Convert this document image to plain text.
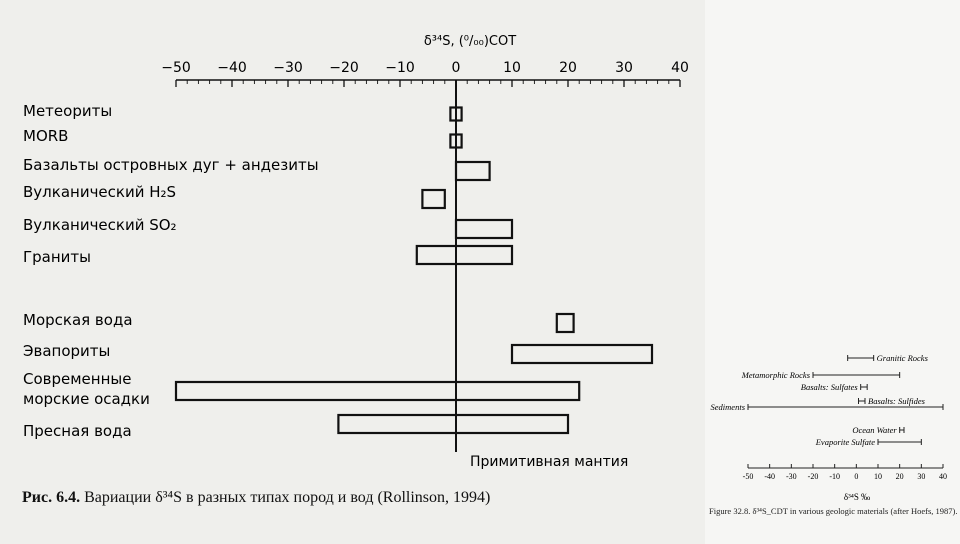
δ³⁴S, (⁰/₀₀)СОТ
−50 −40 −30 −20 −10	0	10	20	30	40
Метеориты
MORB
Базальты островных дуг + андезиты
Вулканический H₂S
Вулканический SO₂
Граниты
Морская вода
Эвапориты
Современные морские осадки
Пресная вода
Примитивная мантия
Рис. 6.4. Вариации δ³⁴S в разных типах пород и вод (Rollinson, 1994)
Granitic Rocks
Metamorphic Rocks
Basalts: Sulfates
Sediments
Basalts: Sulfides
Ocean Water
Evaporite Sulfate
-50 -40 -30 -20 -10 0 10 20 30 40
δ³⁴S ‰
Figure 32.8. δ³⁴S_CDT in various geologic materials (after Hoefs, 1987).
